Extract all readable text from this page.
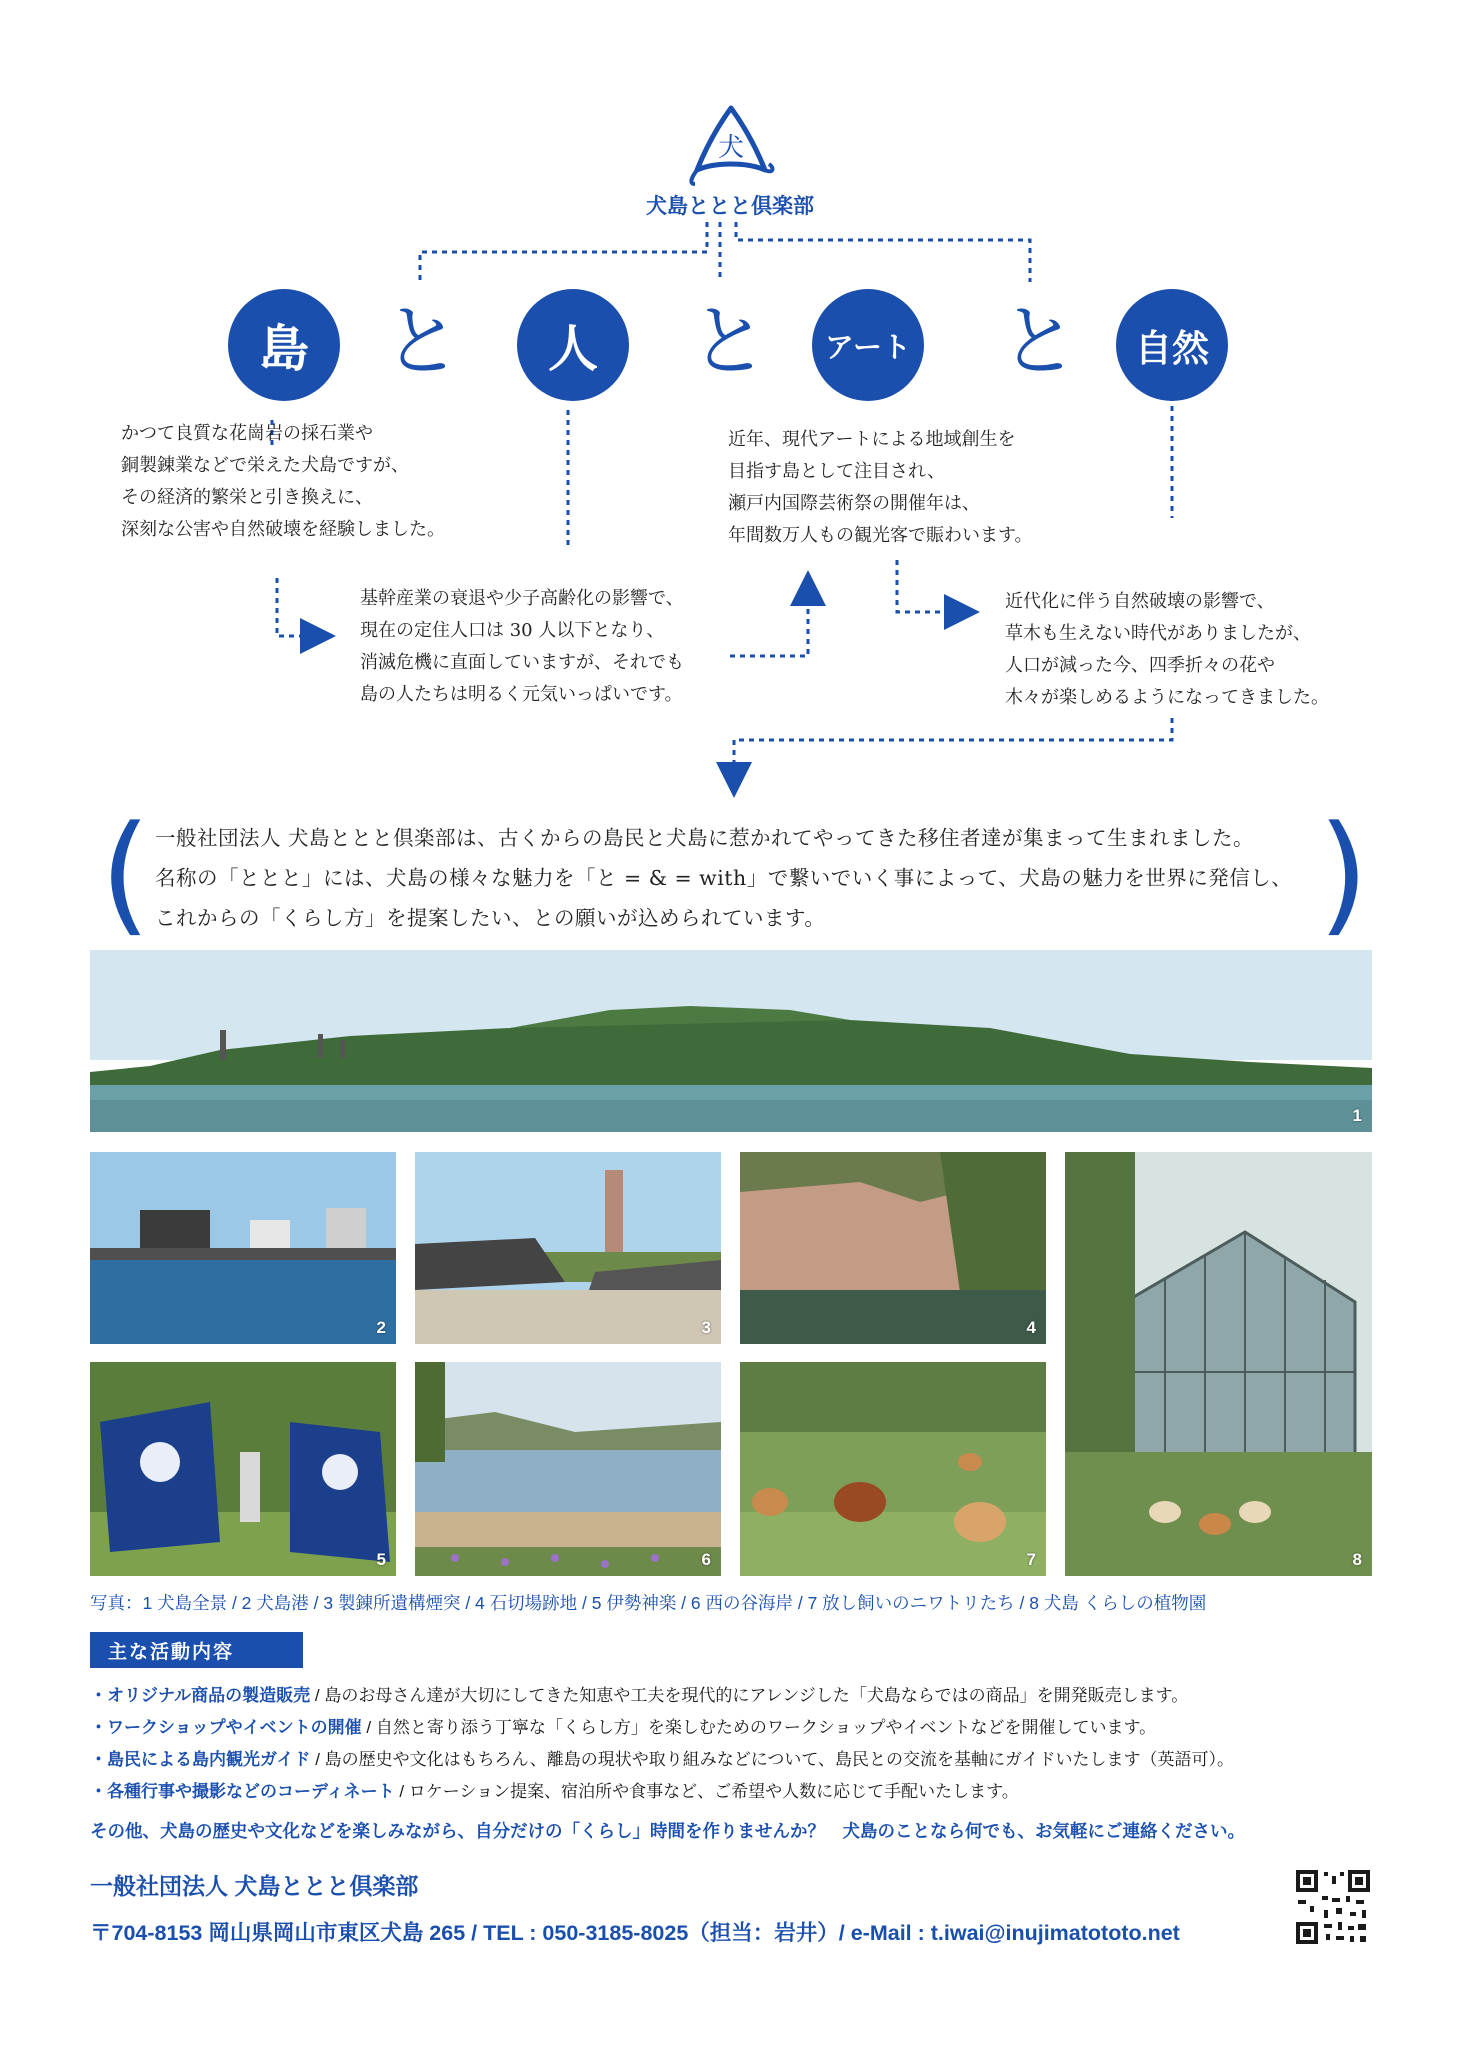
犬
犬島ととと倶楽部
島 と 人 と アート と 自然
かつて良質な花崗岩の採石業や
銅製錬業などで栄えた犬島ですが、
その経済的繁栄と引き換えに、
深刻な公害や自然破壊を経験しました。
基幹産業の衰退や少子高齢化の影響で、
現在の定住人口は 30 人以下となり、
消滅危機に直面していますが、それでも
島の人たちは明るく元気いっぱいです。
近年、現代アートによる地域創生を
目指す島として注目され、
瀬戸内国際芸術祭の開催年は、
年間数万人もの観光客で賑わいます。
近代化に伴う自然破壊の影響で、
草木も生えない時代がありましたが、
人口が減った今、四季折々の花や
木々が楽しめるようになってきました。
(	)
一般社団法人 犬島ととと倶楽部は、古くからの島民と犬島に惹かれてやってきた移住者達が集まって生まれました。
名称の「ととと」には、犬島の様々な魅力を「と = & = with」で繋いでいく事によって、犬島の魅力を世界に発信し、
これからの「くらし方」を提案したい、との願いが込められています。
1
2	3	4
8
5	6	7
写真：1 犬島全景 / 2 犬島港 / 3 製錬所遺構煙突 / 4 石切場跡地 / 5 伊勢神楽 / 6 西の谷海岸 / 7 放し飼いのニワトリたち / 8 犬島 くらしの植物園
主な活動内容
・オリジナル商品の製造販売 / 島のお母さん達が大切にしてきた知恵や工夫を現代的にアレンジした「犬島ならではの商品」を開発販売します。
・ワークショップやイベントの開催 / 自然と寄り添う丁寧な「くらし方」を楽しむためのワークショップやイベントなどを開催しています。
・島民による島内観光ガイド / 島の歴史や文化はもちろん、離島の現状や取り組みなどについて、島民との交流を基軸にガイドいたします（英語可）。
・各種行事や撮影などのコーディネート / ロケーション提案、宿泊所や食事など、ご希望や人数に応じて手配いたします。
その他、犬島の歴史や文化などを楽しみながら、自分だけの「くらし」時間を作りませんか？　犬島のことなら何でも、お気軽にご連絡ください。
一般社団法人 犬島ととと倶楽部
〒704-8153 岡山県岡山市東区犬島 265 / TEL : 050-3185-8025（担当：岩井）/ e-Mail : t.iwai@inujimatototo.net
